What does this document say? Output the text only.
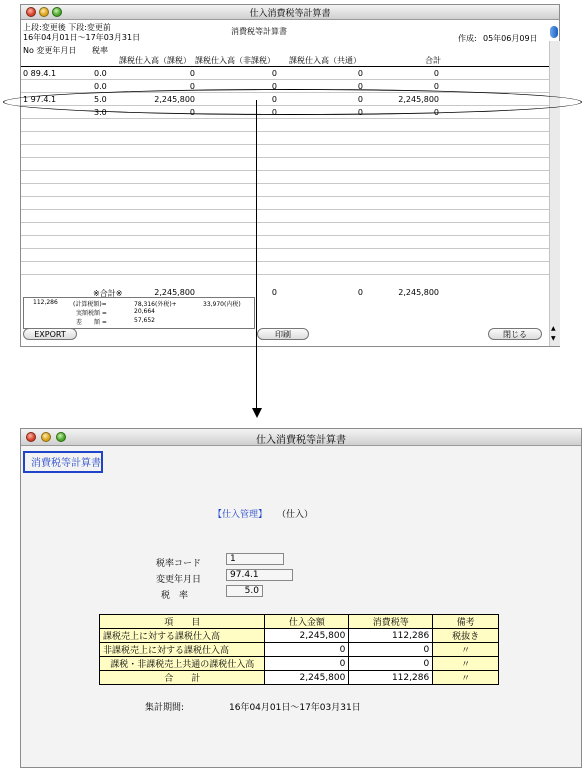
仕入消費税等計算書
上段:変更後 下段:変更前
16年04月01日～17年03月31日
消費税等計算書
作成: 05年06月09日
No 変更年月日 税率
課税仕入高（課税） 課税仕入高（非課税） 課税仕入高（共通）	合計
0 89.4.1	0.0	0	0	0	0
0.0	0	0	0	0
1 97.4.1	5.0	2,245,800	0	0	2,245,800
3.0	0	0	0	0
※合計※	2,245,800	0	0	2,245,800
112,286	(計算税額)=	78,316(外税)+	33,970(内税)
実額税額 =	20,664
差　　額 =	57,652
EXPORT	印刷	閉じる
▲
▼
仕入消費税等計算書
消費税等計算書
【仕入管理】 （仕入）
税率コード	1
変更年月日	97.4.1
税　率	5.0
項　　目	仕入金額	消費税等	備考
課税売上に対する課税仕入高	2,245,800	112,286	税抜き
非課税売上に対する課税仕入高	0	0	〃
課税・非課税売上共通の課税仕入高	0	0	〃
合　　計	2,245,800	112,286	〃
集計期間:	16年04月01日～17年03月31日
